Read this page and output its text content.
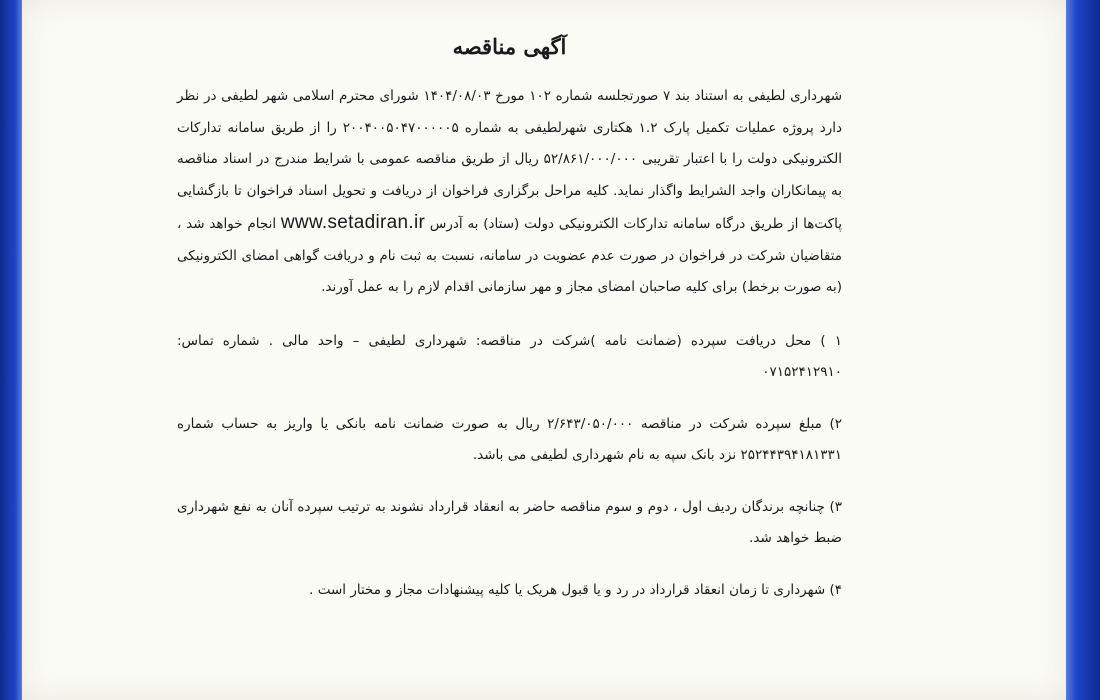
آگهی مناقصه

شهرداری لطیفی به استناد بند ۷ صورتجلسه شماره ۱۰۲ مورخ ۱۴۰۴/۰۸/۰۳ شورای محترم اسلامی شهر لطیفی در نظر دارد پروژه عملیات تکمیل پارک ۱.۲ هکتاری شهرلطیفی به شماره ۲۰۰۴۰۰۵۰۴۷۰۰۰۰۰۵ را از طریق سامانه تدارکات الکترونیکی دولت را با اعتبار تقریبی ۵۲/۸۶۱/۰۰۰/۰۰۰ ریال از طریق مناقصه عمومی با شرایط مندرج در اسناد مناقصه به پیمانکاران واجد الشرایط واگذار نماید. کلیه مراحل برگزاری فراخوان از دریافت و تحویل اسناد فراخوان تا بازگشایی پاکت‌ها از طریق درگاه سامانه تدارکات الکترونیکی دولت (ستاد) به آدرس www.setadiran.ir انجام خواهد شد ، متقاضیان شرکت در فراخوان در صورت عدم عضویت در سامانه، نسبت به ثبت نام و دریافت گواهی امضای الکترونیکی (به صورت برخط) برای کلیه صاحبان امضای مجاز و مهر سازمانی اقدام لازم را به عمل آورند.

۱ ) محل دریافت سپرده (ضمانت نامه )شرکت در مناقصه: شهرداری لطیفی – واحد مالی . شماره تماس: ۰۷۱۵۲۴۱۲۹۱۰

۲) مبلغ سپرده شرکت در مناقصه ۲/۶۴۳/۰۵۰/۰۰۰ ریال به صورت ضمانت نامه بانکی یا واریز به حساب شماره ۲۵۲۴۴۳۹۴۱۸۱۳۳۱ نزد بانک سپه به نام شهرداری لطیفی می باشد.

۳) چنانچه برندگان ردیف اول ، دوم و سوم مناقصه حاضر به انعقاد قرارداد نشوند به ترتیب سپرده آنان به نفع شهرداری ضبط خواهد شد.

۴) شهرداری تا زمان انعقاد قرارداد در رد و یا قبول هریک یا کلیه پیشنهادات مجاز و مختار است .
